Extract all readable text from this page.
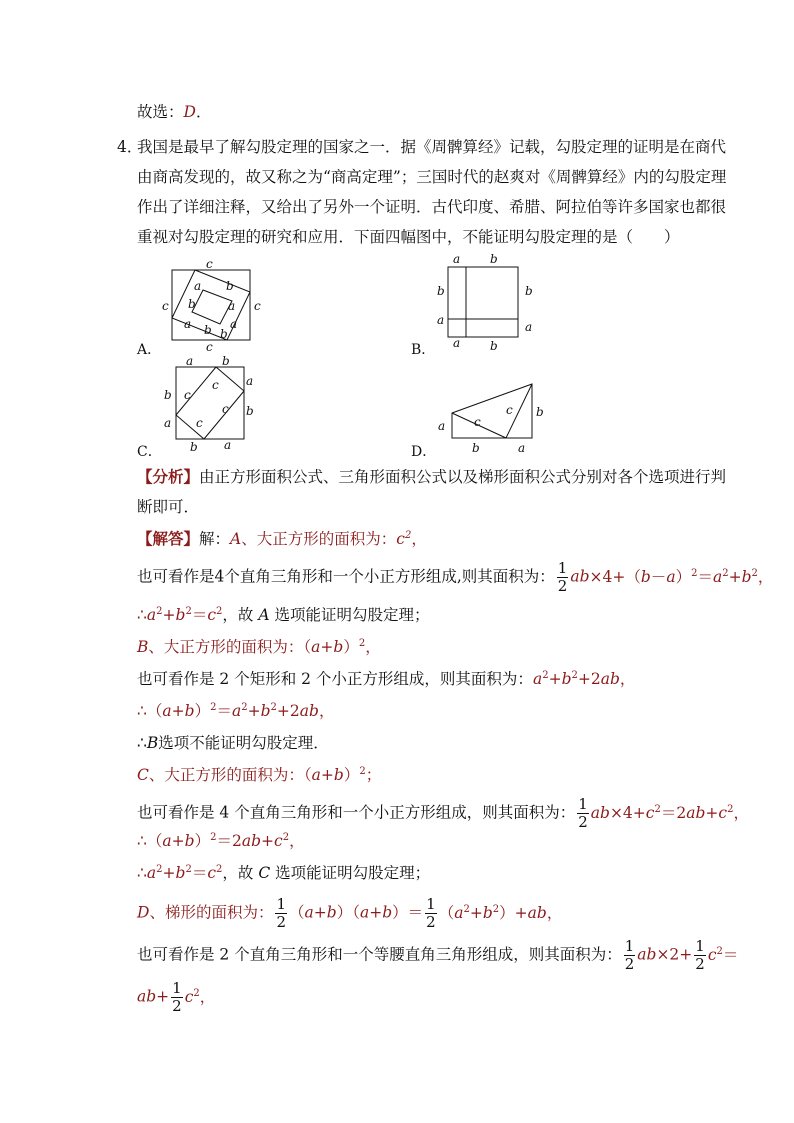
故选：D．
4．
我国是最早了解勾股定理的国家之一．据《周髀算经》记载，勾股定理的证明是在商代
由商高发现的，故又称之为“商高定理”；三国时代的赵爽对《周髀算经》内的勾股定理
作出了详细注释，又给出了另外一个证明．古代印度、希腊、阿拉伯等许多国家也都很
重视对勾股定理的研究和应用．下面四幅图中，不能证明勾股定理的是（　　）
c
c	c
c
a
b
b
a
a b a
b
A．
a b
b	b
a	a
a b
B．
a b
a
b
b
a
b a
c
c
c
c
C．
a
b
c
c
b	a
D．
【分析】由正方形面积公式、三角形面积公式以及梯形面积公式分别对各个选项进行判
断即可．
【解答】解：A、大正方形的面积为：$c^2$，
也可看作是4个直角三角形和一个小正方形组成,则其面积为： $\frac{1}{2} ab\times 4+(b-a)^2=a^2+b^2$，
$\therefore a^2+b^2=c^2$，故 A 选项能证明勾股定理；
B、大正方形的面积为：$(a+b)^2$，
也可看作是 2 个矩形和 2 个小正方形组成，则其面积为：$a^2+b^2+2ab$，
$\therefore(a+b)^2=a^2+b^2+2ab$，
∴B选项不能证明勾股定理．
C、大正方形的面积为：$(a+b)^2$；
也可看作是 4 个直角三角形和一个小正方形组成，则其面积为： $\frac{1}{2} ab\times 4+c^2=2ab+c^2$，
$\therefore(a+b)^2=2ab+c^2$，
$\therefore a^2+b^2=c^2$，故 C 选项能证明勾股定理；
D、梯形的面积为： $\frac{1}{2} (a+b)(a+b)= \frac{1}{2} (a^2+b^2)+ab$，
也可看作是 2 个直角三角形和一个等腰直角三角形组成，则其面积为： $\frac{1}{2} ab\times 2+ \frac{1}{2} c^2=$
$ab+ \frac{1}{2} c^2$，
